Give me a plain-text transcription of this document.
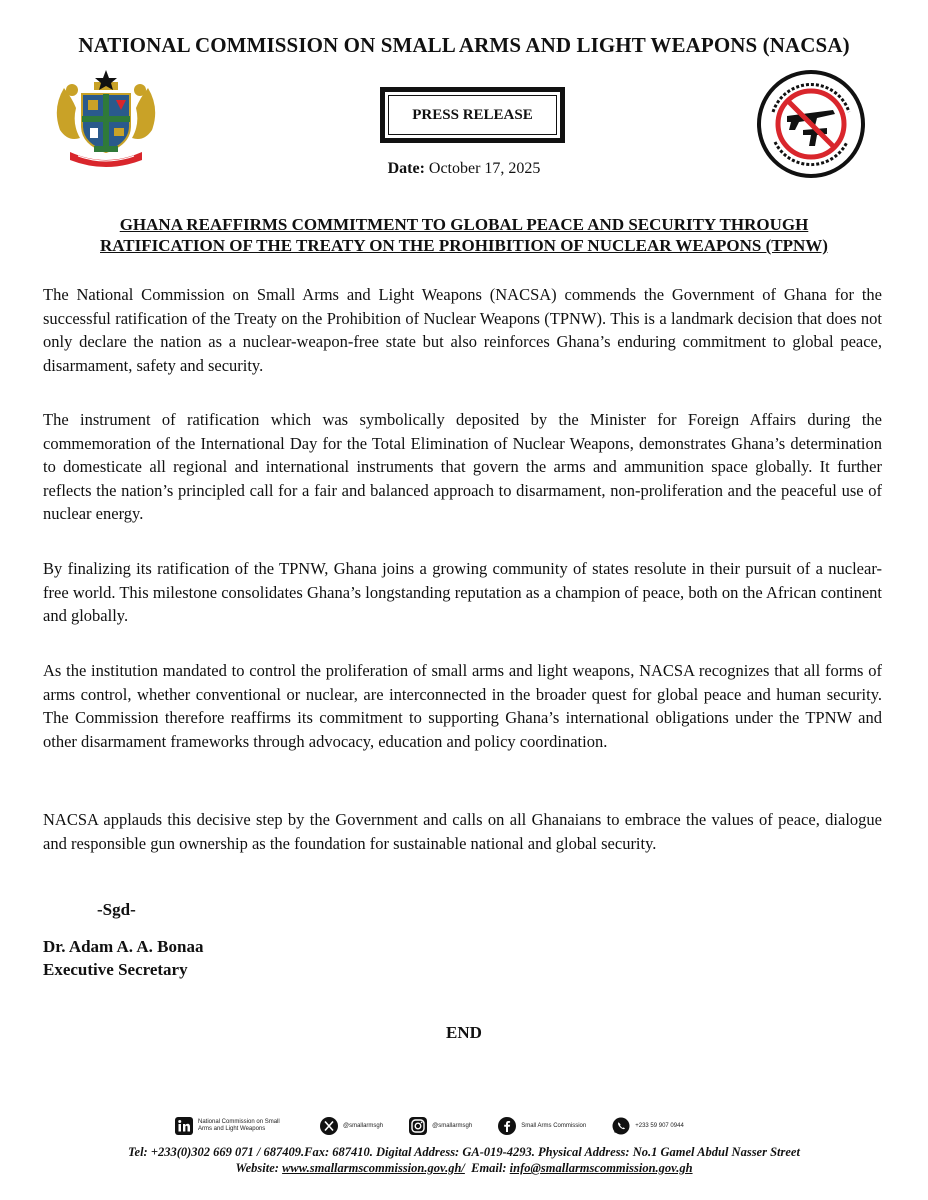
NATIONAL COMMISSION ON SMALL ARMS AND LIGHT WEAPONS (NACSA)
PRESS RELEASE
Date: October 17, 2025
GHANA REAFFIRMS COMMITMENT TO GLOBAL PEACE AND SECURITY THROUGH
RATIFICATION OF THE TREATY ON THE PROHIBITION OF NUCLEAR WEAPONS (TPNW)
The National Commission on Small Arms and Light Weapons (NACSA) commends the Government of Ghana for the successful ratification of the Treaty on the Prohibition of Nuclear Weapons (TPNW). This is a landmark decision that does not only declare the nation as a nuclear-weapon-free state but also reinforces Ghana’s enduring commitment to global peace, disarmament, safety and security.
The instrument of ratification which was symbolically deposited by the Minister for Foreign Affairs during the commemoration of the International Day for the Total Elimination of Nuclear Weapons, demonstrates Ghana’s determination to domesticate all regional and international instruments that govern the arms and ammunition space globally. It further reflects the nation’s principled call for a fair and balanced approach to disarmament, non-proliferation and the peaceful use of nuclear energy.
By finalizing its ratification of the TPNW, Ghana joins a growing community of states resolute in their pursuit of a nuclear-free world. This milestone consolidates Ghana’s longstanding reputation as a champion of peace, both on the African continent and globally.
As the institution mandated to control the proliferation of small arms and light weapons, NACSA recognizes that all forms of arms control, whether conventional or nuclear, are interconnected in the broader quest for global peace and human security. The Commission therefore reaffirms its commitment to supporting Ghana’s international obligations under the TPNW and other disarmament frameworks through advocacy, education and policy coordination.
NACSA applauds this decisive step by the Government and calls on all Ghanaians to embrace the values of peace, dialogue and responsible gun ownership as the foundation for sustainable national and global security.
-Sgd-
Dr. Adam A. A. Bonaa
Executive Secretary
END
National Commission on Small Arms and Light Weapons	@smallarmsgh	@smallarmsgh	Small Arms Commission	+233 59 907 0944
Tel: +233(0)302 669 071 / 687409.Fax: 687410. Digital Address: GA-019-4293. Physical Address: No.1 Gamel Abdul Nasser Street
Website: www.smallarmscommission.gov.gh/ Email: info@smallarmscommission.gov.gh
